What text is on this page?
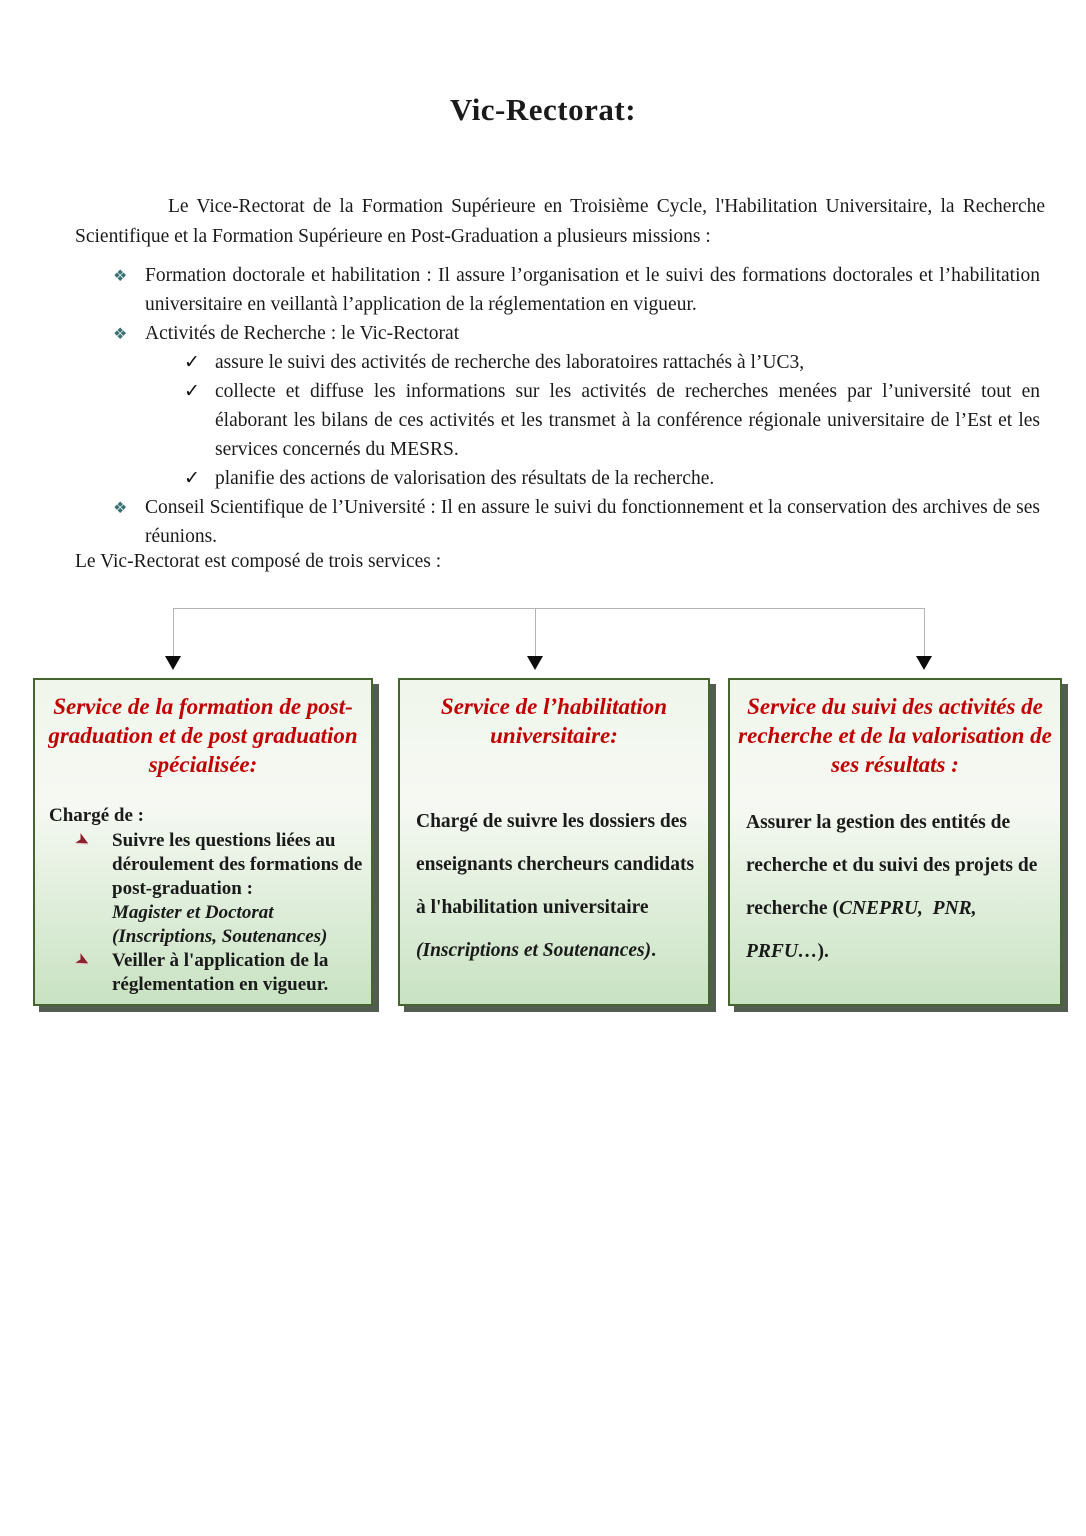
Vic-Rectorat:
Le Vice-Rectorat de la Formation Supérieure en Troisième Cycle, l'Habilitation Universitaire, la Recherche Scientifique et la Formation Supérieure en Post-Graduation a plusieurs missions :
❖ Formation doctorale et habilitation : Il assure l’organisation et le suivi des formations doctorales et l’habilitation universitaire en veillantà l’application de la réglementation en vigueur.
❖ Activités de Recherche : le Vic-Rectorat
✓ assure le suivi des activités de recherche des laboratoires rattachés à l’UC3,
✓ collecte et diffuse les informations sur les activités de recherches menées par l’université tout en élaborant les bilans de ces activités et les transmet à la conférence régionale universitaire de l’Est et les services concernés du MESRS.
✓ planifie des actions de valorisation des résultats de la recherche.
❖ Conseil Scientifique de l’Université : Il en assure le suivi du fonctionnement et la conservation des archives de ses réunions.
Le Vic-Rectorat est composé de trois services :
Service de la formation de post-graduation et de post graduation spécialisée:
Chargé de :
➤ Suivre les questions liées au déroulement des formations de post-graduation :
Magister et Doctorat
(Inscriptions, Soutenances)
➤ Veiller à l'application de la réglementation en vigueur.
Service de l’habilitation universitaire:
Chargé de suivre les dossiers des enseignants chercheurs candidats à l'habilitation universitaire (Inscriptions et Soutenances).
Service du suivi des activités de recherche et de la valorisation de ses résultats :
Assurer la gestion des entités de recherche et du suivi des projets de recherche (CNEPRU,  PNR, PRFU…).
